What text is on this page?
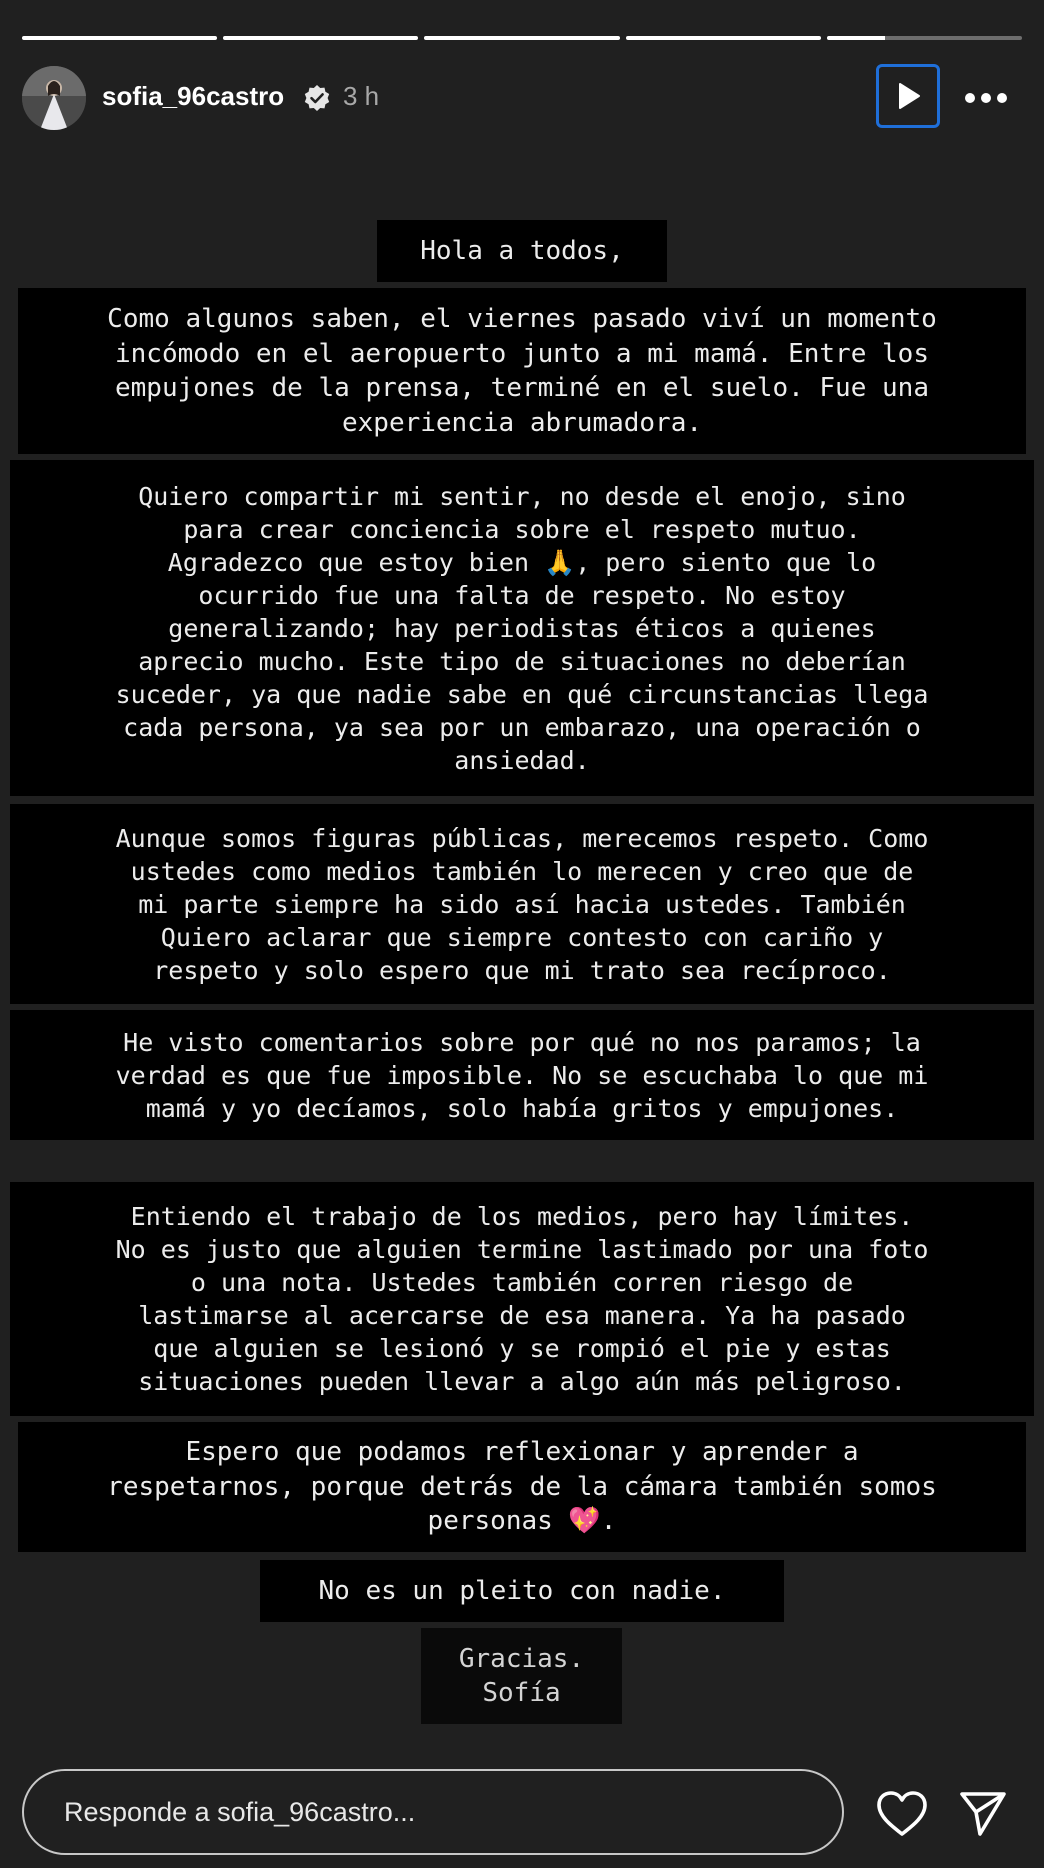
sofia_96castro 3 h
Hola a todos,
Como algunos saben, el viernes pasado viví un momento
incómodo en el aeropuerto junto a mi mamá. Entre los
empujones de la prensa, terminé en el suelo. Fue una
experiencia abrumadora.
Quiero compartir mi sentir, no desde el enojo, sino
para crear conciencia sobre el respeto mutuo.
Agradezco que estoy bien 🙏, pero siento que lo
ocurrido fue una falta de respeto. No estoy
generalizando; hay periodistas éticos a quienes
aprecio mucho. Este tipo de situaciones no deberían
suceder, ya que nadie sabe en qué circunstancias llega
cada persona, ya sea por un embarazo, una operación o
ansiedad.
Aunque somos figuras públicas, merecemos respeto. Como
ustedes como medios también lo merecen y creo que de
mi parte siempre ha sido así hacia ustedes. También
Quiero aclarar que siempre contesto con cariño y
respeto y solo espero que mi trato sea recíproco.
He visto comentarios sobre por qué no nos paramos; la
verdad es que fue imposible. No se escuchaba lo que mi
mamá y yo decíamos, solo había gritos y empujones.
Entiendo el trabajo de los medios, pero hay límites.
No es justo que alguien termine lastimado por una foto
o una nota. Ustedes también corren riesgo de
lastimarse al acercarse de esa manera. Ya ha pasado
que alguien se lesionó y se rompió el pie y estas
situaciones pueden llevar a algo aún más peligroso.
Espero que podamos reflexionar y aprender a
respetarnos, porque detrás de la cámara también somos
personas 💖.
No es un pleito con nadie.
Gracias.
Sofía
Responde a sofia_96castro...
